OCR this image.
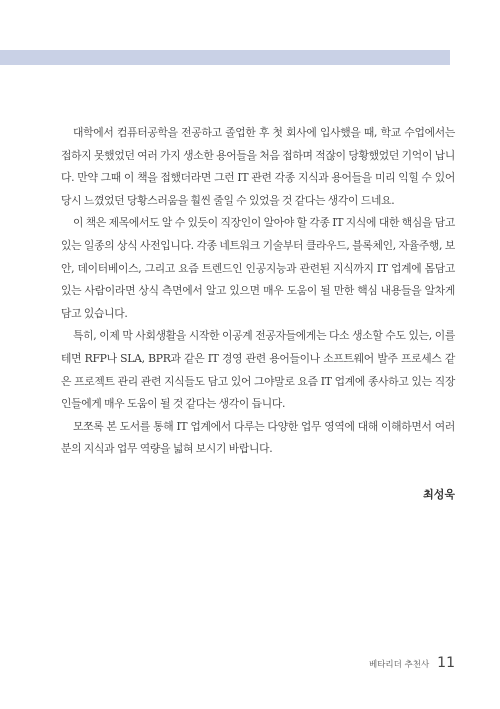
대학에서 컴퓨터공학을 전공하고 졸업한 후 첫 회사에 입사했을 때, 학교 수업에서는 접하지 못했었던 여러 가지 생소한 용어들을 처음 접하며 적잖이 당황했었던 기억이 납니다. 만약 그때 이 책을 접했더라면 그런 IT 관련 각종 지식과 용어들을 미리 익힐 수 있어 당시 느꼈었던 당황스러움을 훨씬 줄일 수 있었을 것 같다는 생각이 드네요.

이 책은 제목에서도 알 수 있듯이 직장인이 알아야 할 각종 IT 지식에 대한 핵심을 담고 있는 일종의 상식 사전입니다. 각종 네트워크 기술부터 클라우드, 블록체인, 자율주행, 보안, 데이터베이스, 그리고 요즘 트렌드인 인공지능과 관련된 지식까지 IT 업계에 몸담고 있는 사람이라면 상식 측면에서 알고 있으면 매우 도움이 될 만한 핵심 내용들을 알차게 담고 있습니다.

특히, 이제 막 사회생활을 시작한 이공계 전공자들에게는 다소 생소할 수도 있는, 이를테면 RFP나 SLA, BPR과 같은 IT 경영 관련 용어들이나 소프트웨어 발주 프로세스 같은 프로젝트 관리 관련 지식들도 담고 있어 그야말로 요즘 IT 업계에 종사하고 있는 직장인들에게 매우 도움이 될 것 같다는 생각이 듭니다.

모쪼록 본 도서를 통해 IT 업계에서 다루는 다양한 업무 영역에 대해 이해하면서 여러분의 지식과 업무 역량을 넓혀 보시기 바랍니다.

최성욱
베타리더 추천사 11
